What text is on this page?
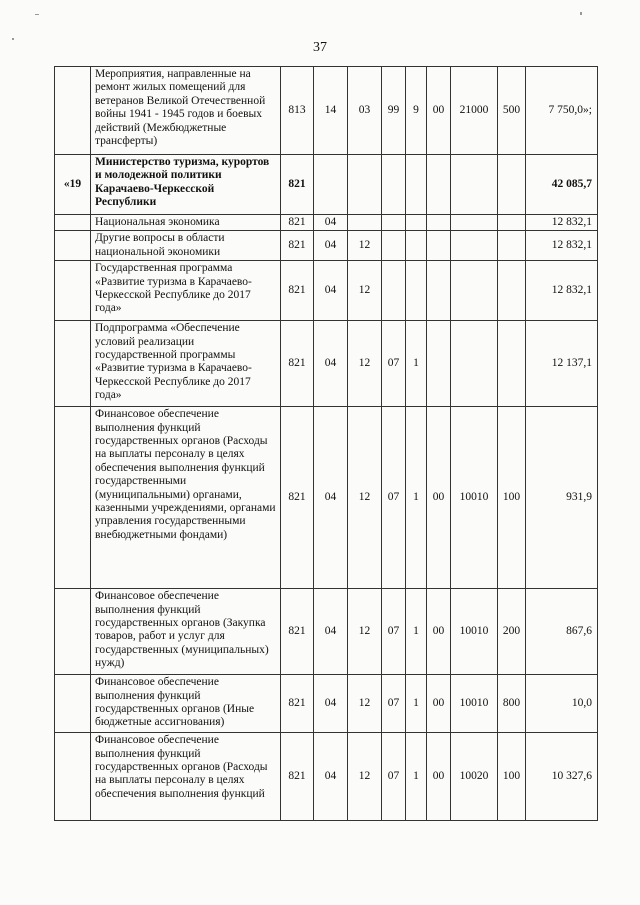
37
	Мероприятия, направленные на ремонт жилых помещений для ветеранов Великой Отечественной войны 1941 - 1945 годов и боевых действий (Межбюджетные трансферты)	813	14	03	99	9	00	21000	500	7 750,0»;
«19	Министерство туризма, курортов и молодежной политики Карачаево-Черкесской Республики	821								42 085,7
	Национальная экономика	821	04							12 832,1
	Другие вопросы в области национальной экономики	821	04	12						12 832,1
	Государственная программа «Развитие туризма в Карачаево-Черкесской Республике до 2017 года»	821	04	12						12 832,1
	Подпрограмма «Обеспечение условий реализации государственной программы «Развитие туризма в Карачаево-Черкесской Республике до 2017 года»	821	04	12	07	1				12 137,1
	Финансовое обеспечение выполнения функций государственных органов (Расходы на выплаты персоналу в целях обеспечения выполнения функций государственными (муниципальными) органами, казенными учреждениями, органами управления государственными внебюджетными фондами)	821	04	12	07	1	00	10010	100	931,9
	Финансовое обеспечение выполнения функций государственных органов (Закупка товаров, работ и услуг для государственных (муниципальных) нужд)	821	04	12	07	1	00	10010	200	867,6
	Финансовое обеспечение выполнения функций государственных органов (Иные бюджетные ассигнования)	821	04	12	07	1	00	10010	800	10,0
	Финансовое обеспечение выполнения функций государственных органов (Расходы на выплаты персоналу в целях обеспечения выполнения функций	821	04	12	07	1	00	10020	100	10 327,6
